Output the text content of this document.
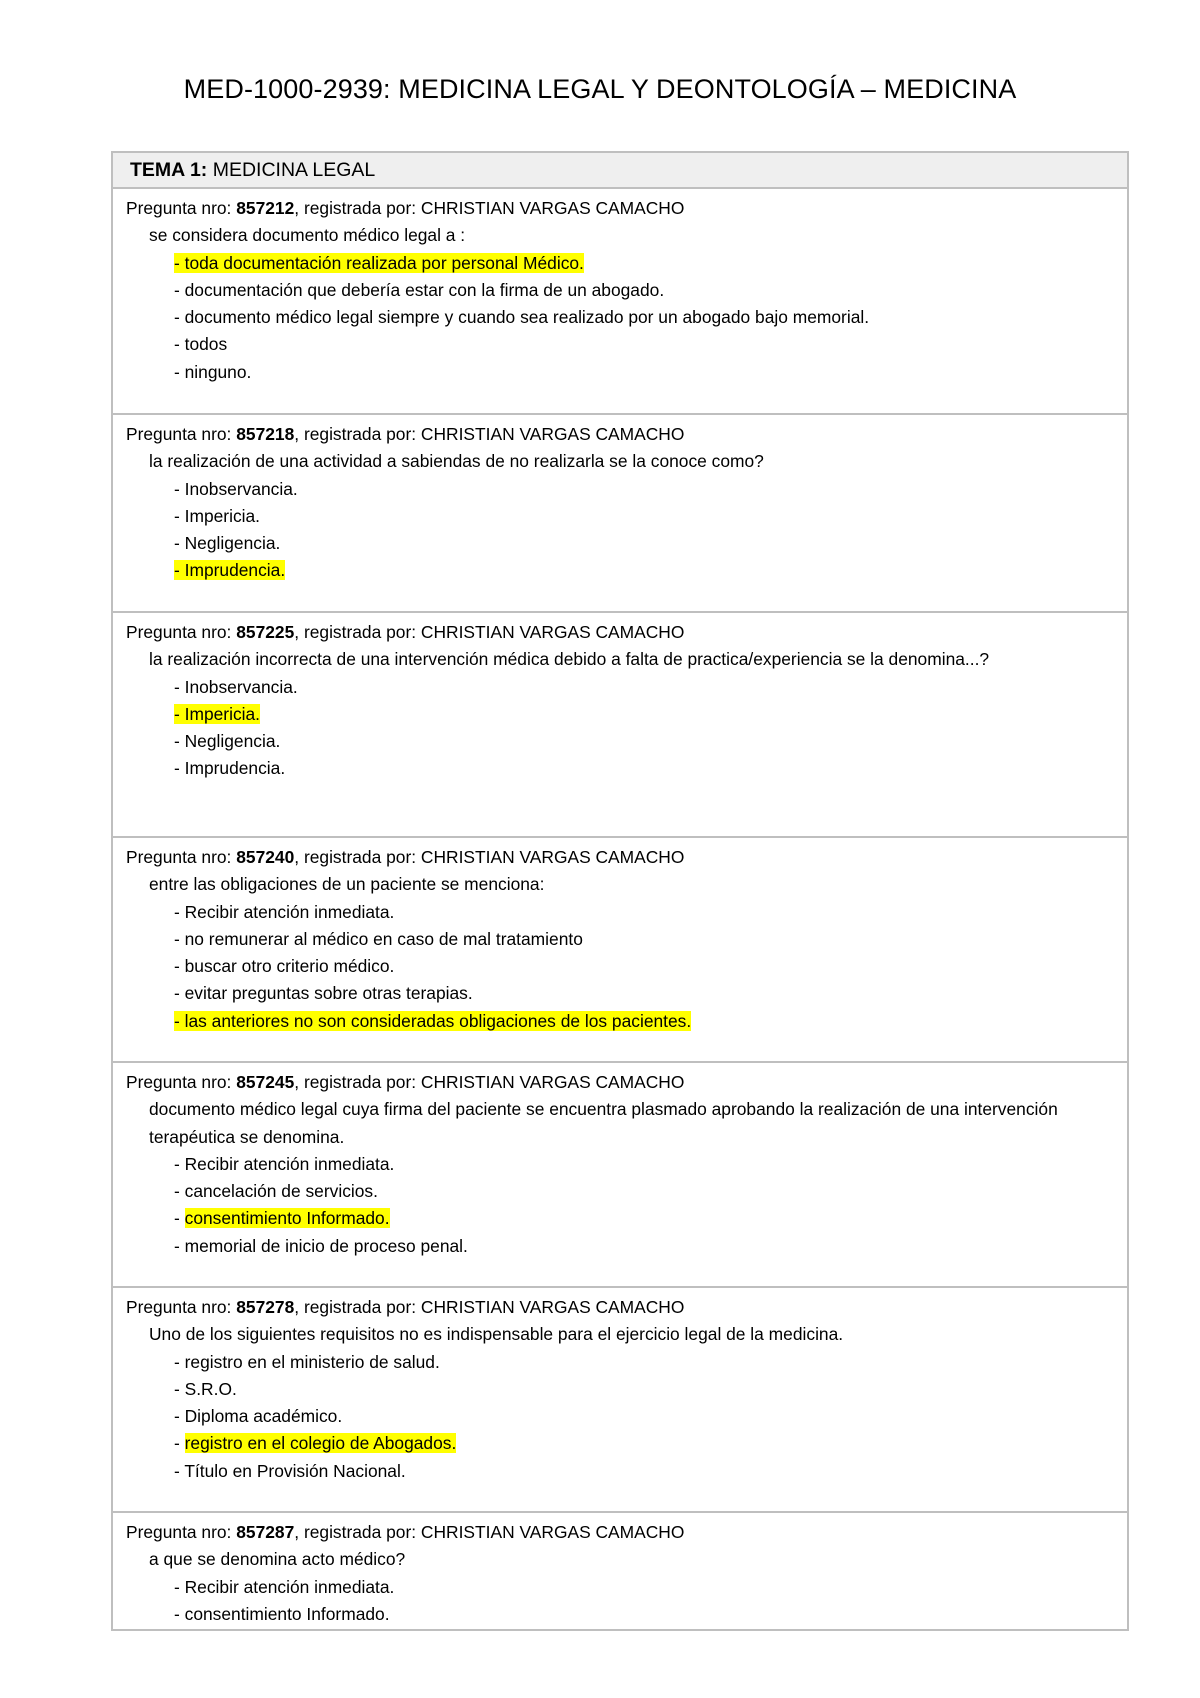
MED-1000-2939: MEDICINA LEGAL Y DEONTOLOGÍA – MEDICINA
TEMA 1: MEDICINA LEGAL
Pregunta nro: 857212, registrada por: CHRISTIAN VARGAS CAMACHO
se considera documento médico legal a :
- toda documentación realizada por personal Médico.
- documentación que debería estar con la firma de un abogado.
- documento médico legal siempre y cuando sea realizado por un abogado bajo memorial.
- todos
- ninguno.
Pregunta nro: 857218, registrada por: CHRISTIAN VARGAS CAMACHO
la realización de una actividad a sabiendas de no realizarla se la conoce como?
- Inobservancia.
- Impericia.
- Negligencia.
- Imprudencia.
Pregunta nro: 857225, registrada por: CHRISTIAN VARGAS CAMACHO
la realización incorrecta de una intervención médica debido a falta de practica/experiencia se la denomina...?
- Inobservancia.
- Impericia.
- Negligencia.
- Imprudencia.
Pregunta nro: 857240, registrada por: CHRISTIAN VARGAS CAMACHO
entre las obligaciones de un paciente se menciona:
- Recibir atención inmediata.
- no remunerar al médico en caso de mal tratamiento
- buscar otro criterio médico.
- evitar preguntas sobre otras terapias.
- las anteriores no son consideradas obligaciones de los pacientes.
Pregunta nro: 857245, registrada por: CHRISTIAN VARGAS CAMACHO
documento médico legal cuya firma del paciente se encuentra plasmado aprobando la realización de una intervención terapéutica se denomina.
- Recibir atención inmediata.
- cancelación de servicios.
- consentimiento Informado.
- memorial de inicio de proceso penal.
Pregunta nro: 857278, registrada por: CHRISTIAN VARGAS CAMACHO
Uno de los siguientes requisitos no es indispensable para el ejercicio legal de la medicina.
- registro en el ministerio de salud.
- S.R.O.
- Diploma académico.
- registro en el colegio de Abogados.
- Título en Provisión Nacional.
Pregunta nro: 857287, registrada por: CHRISTIAN VARGAS CAMACHO
a que se denomina acto médico?
- Recibir atención inmediata.
- consentimiento Informado.
